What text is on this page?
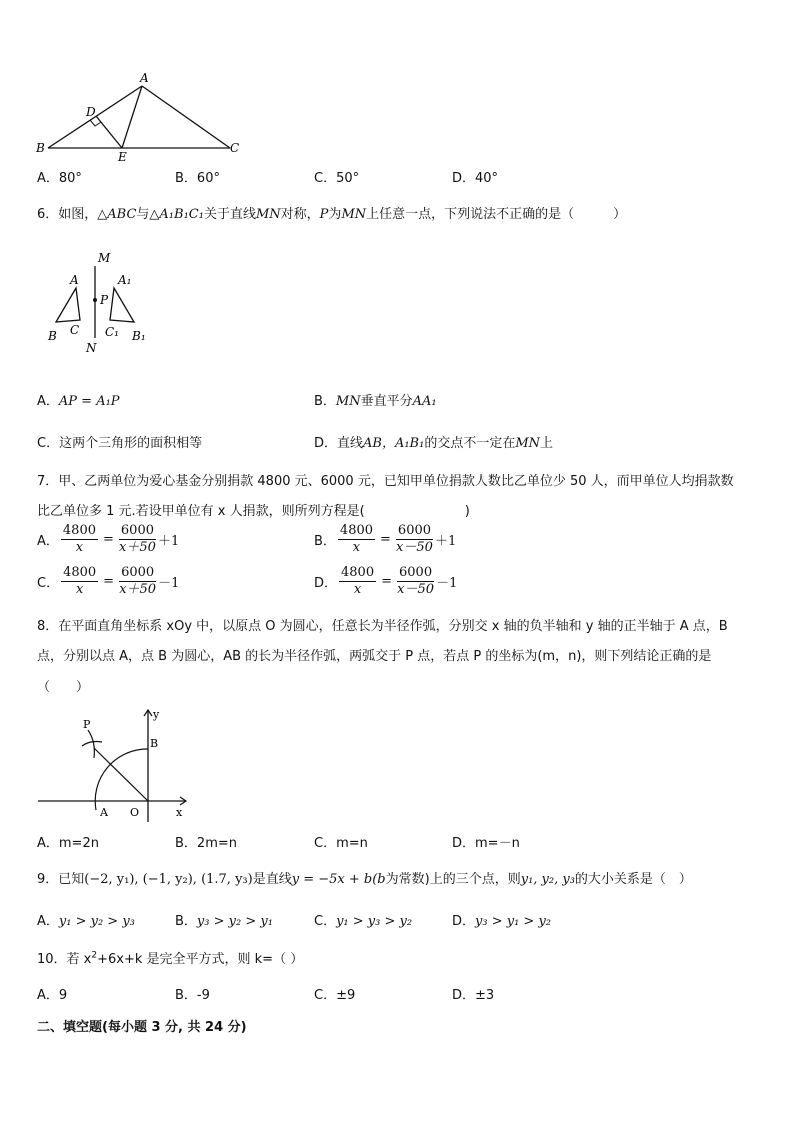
A
B	C
D
E
A．80°	B．60°	C．50°	D．40°
6．如图，△ABC与△A₁B₁C₁关于直线MN对称，P为MN上任意一点，下列说法不正确的是（　　　）
M
N
P
A
B C
A₁
C₁ B₁
A．AP = A₁P	B．MN垂直平分AA₁
C．这两个三角形的面积相等	D．直线AB，A₁B₁的交点不一定在MN上
7．甲、乙两单位为爱心基金分别捐款 4800 元、6000 元，已知甲单位捐款人数比乙单位少 50 人，而甲单位人均捐款数
比乙单位多 1 元.若设甲单位有 x 人捐款，则所列方程是(	)
A． $\frac{4800}{x} = \frac{6000}{x+50} +1$	B． $\frac{4800}{x} = \frac{6000}{x-50} +1$
C． $\frac{4800}{x} = \frac{6000}{x+50} -1$	D． $\frac{4800}{x} = \frac{6000}{x-50} -1$
8．在平面直角坐标系 xOy 中，以原点 O 为圆心，任意长为半径作弧，分别交 x 轴的负半轴和 y 轴的正半轴于 A 点，B
点，分别以点 A，点 B 为圆心，AB 的长为半径作弧，两弧交于 P 点，若点 P 的坐标为(m，n)，则下列结论正确的是
（　　）
P
y
B
A O	x
A．m=2n	B．2m=n	C．m=n	D．m=－n
9．已知(−2, y₁), (−1, y₂), (1.7, y₃)是直线y = −5x + b(b为常数)上的三个点，则y₁, y₂, y₃的大小关系是（　）
A．y₁ > y₂ > y₃	B．y₃ > y₂ > y₁	C．y₁ > y₃ > y₂	D．y₃ > y₁ > y₂
10．若 $x^2+6x+k$ 是完全平方式，则 k=（ ）
A．9	B．-9	C．±9	D．±3
二、填空题(每小题 3 分, 共 24 分)
